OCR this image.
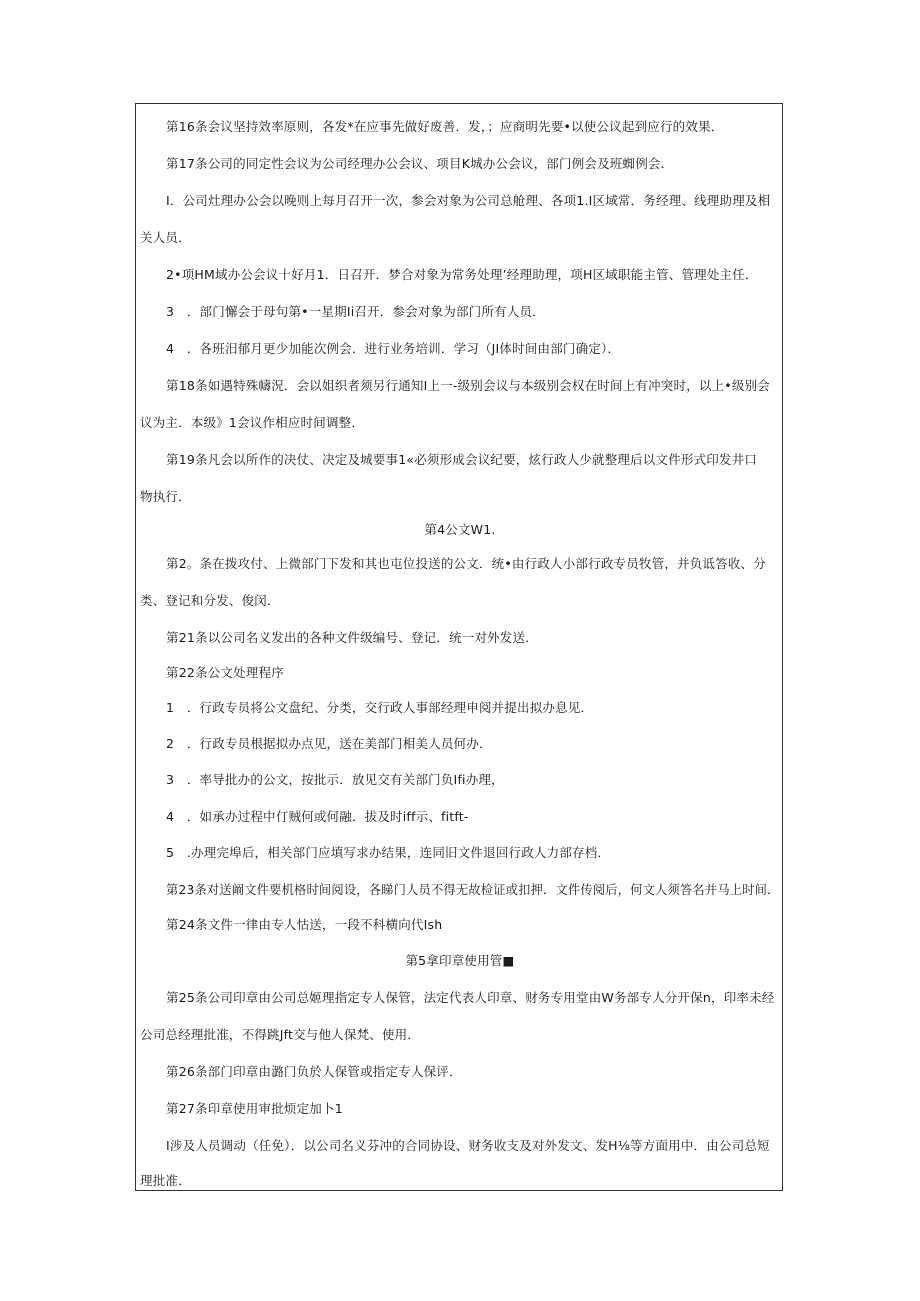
第16条会议坚持效率原则，各发*在应事先做好废善．发，；应商明先要•以使公议起到应行的效果．
第17条公司的同定性会议为公司经理办公会议、项目K城办公会议，部门例会及班蜘例会．
I．公司灶理办公会以晚则上每月召开一次，参会对象为公司总舱理、各项1.I区域常．务经理、线理助理及相
关人员．
2•项HM域办公会议十好月1．日召开．梦合对象为常务处理’经理助理，项H区域职能主管、管理处主任．
3　．部门懈会于母句第•一星期Ii召开．参会对象为部门所有人员．
4　．各班汨郁月更少加能次例会．进行业务培训．学习（JI体时间由部门确定）．
第18条如遇特殊幬況．会以姐织者须另行通知I上一-级别会议与本级别会权在时间上有冲突时，以上•级别会
议为主．本级》1会议作相应时间调整．
第19条凡会以所作的决仗、决定及城要事1«必须形成会议纪要，炫行政人少就整理后以文件形式印发井口
物执行．
第4公文W1.
第2。条在拨攻付、上微部门下发和其也屯位投送的公文．统•由行政人小部行政专员牧管，并负诋答收、分
类、登记和分发、俊闵．
第21条以公司名义发出的各种文件级编号、登记．统一对外发送．
第22条公文处理程序
1　．行政专员将公文盘纪、分类，交行政人事部经理申阅并提出拟办息见．
2　．行政专员根据拟办点见，送在美部门相美人员何办．
3　．率导批办的公文，按批示．放见交有关部门负Ifi办理，
4　．如承办过程中仃贼何或何融．拔及时iff示、fitft-
5　.办理完埠后，相关部门应填写求办结果，连同旧文件退回行政人力部存档．
第23条对送阚文件要机格时间阅设，各睇门人员不得无故检证或扣押．文件传阅后，何文人须答名并马上时间．
第24条文件一律由专人怙送，一段不科横向代Ish
第5拿印章使用管■
第25条公司印章由公司总姬理指定专人保管，法定代表人印章、财务专用堂由W务部专人分开保n，印率未经
公司总经理批准，不得跳Jft交与他人保梵、使用．
第26条部门印章由潞门负於人保管或指定专人保评．
第27条印章使用审批烦定加卜1
I涉及人员调动（任免）．以公司名义芬冲的合同协设、财务收支及对外发文、发H⅛等方面用中．由公司总短
理批准．
